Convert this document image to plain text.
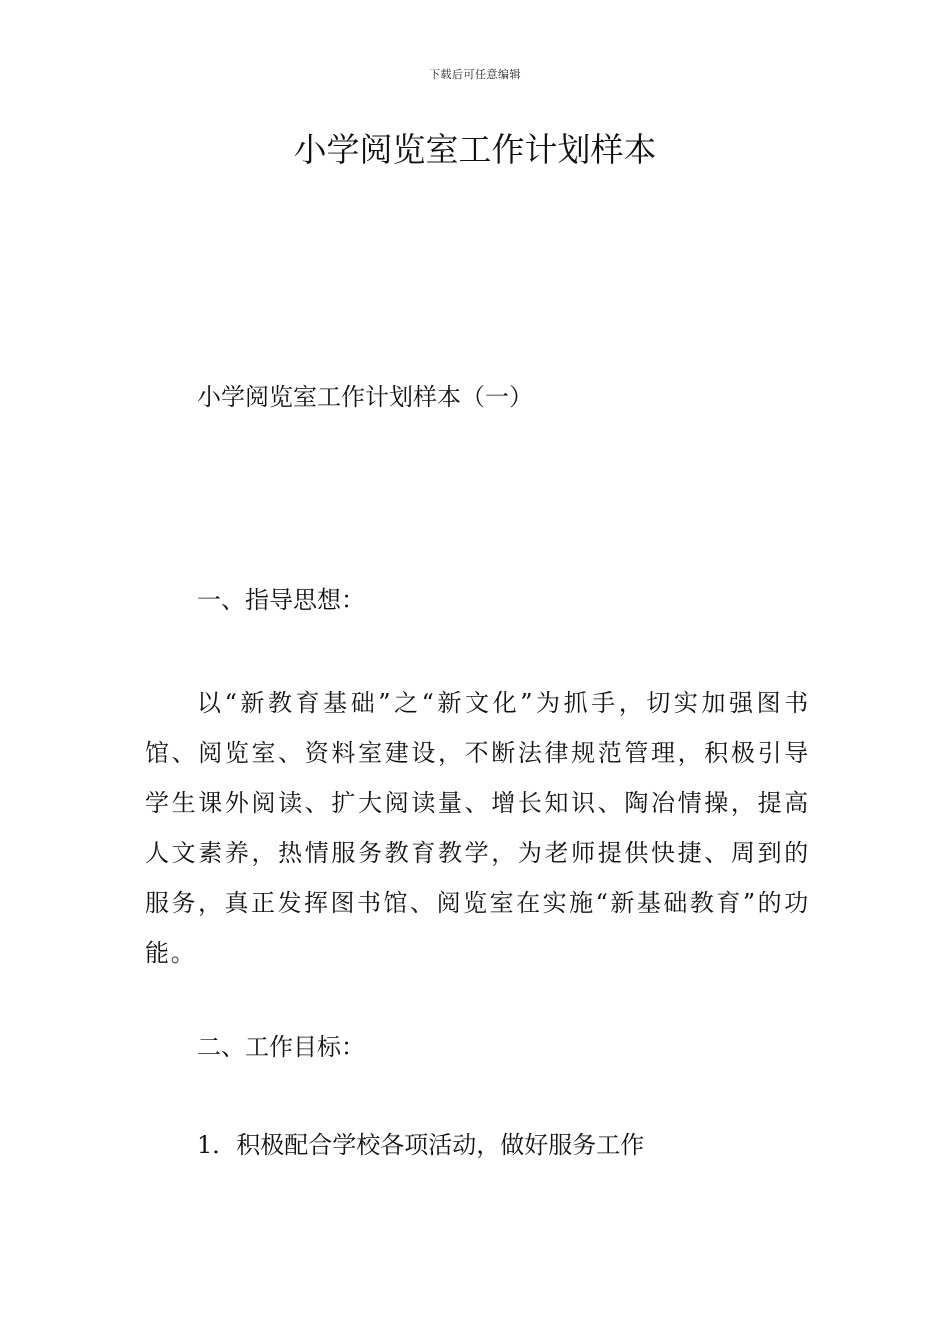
下载后可任意编辑
小学阅览室工作计划样本
小学阅览室工作计划样本（一）
一、指导思想：

以“新教育基础”之“新文化”为抓手，切实加强图书馆、阅览室、资料室建设，不断法律规范管理，积极引导学生课外阅读、扩大阅读量、增长知识、陶冶情操，提高人文素养，热情服务教育教学，为老师提供快捷、周到的服务，真正发挥图书馆、阅览室在实施“新基础教育”的功能。

二、工作目标：
1．积极配合学校各项活动，做好服务工作
